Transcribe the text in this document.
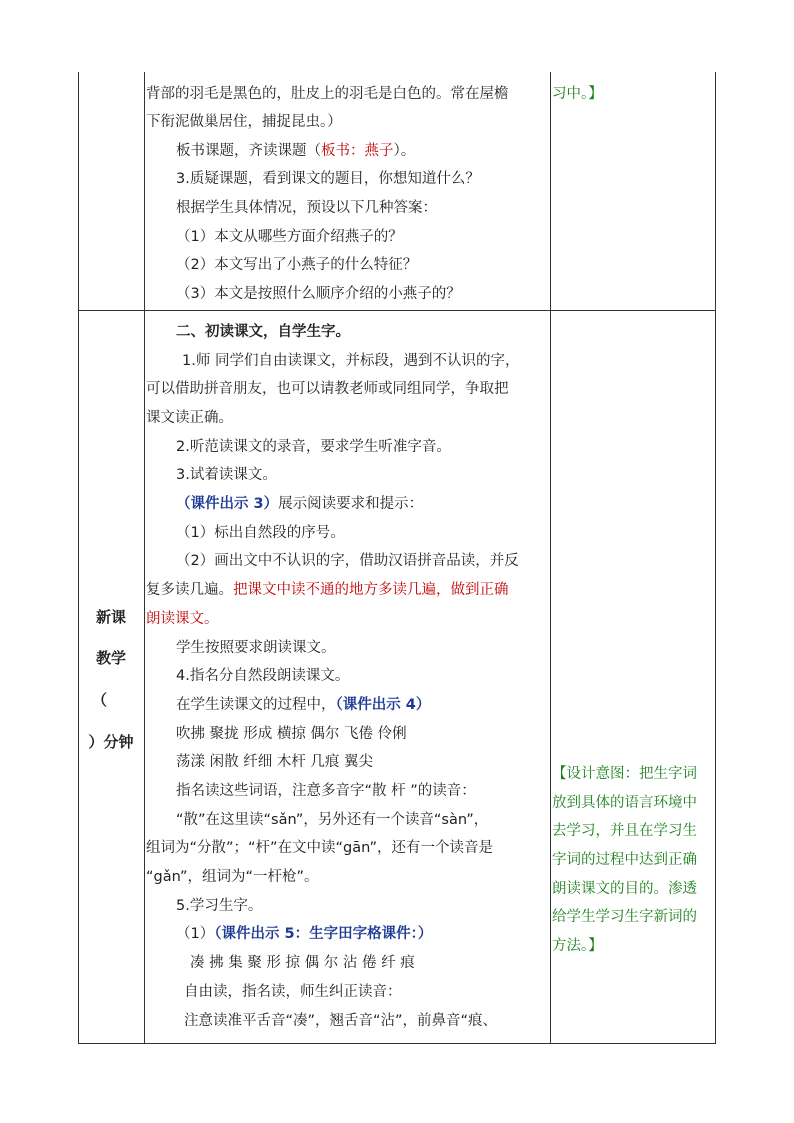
习中。】
背部的羽毛是黑色的，肚皮上的羽毛是白色的。常在屋檐
下衔泥做巢居住，捕捉昆虫。）
板书课题，齐读课题（板书：燕子）。
3.质疑课题，看到课文的题目，你想知道什么？
根据学生具体情况，预设以下几种答案：
（1）本文从哪些方面介绍燕子的？
（2）本文写出了小燕子的什么特征？
（3）本文是按照什么顺序介绍的小燕子的？
新课
教学
（
）分钟
二、初读课文，自学生字。
1.师 同学们自由读课文，并标段，遇到不认识的字，
可以借助拼音朋友，也可以请教老师或同组同学，争取把
课文读正确。
2.听范读课文的录音，要求学生听准字音。
3.试着读课文。
（课件出示 3）展示阅读要求和提示：
（1）标出自然段的序号。
（2）画出文中不认识的字，借助汉语拼音品读，并反
复多读几遍。把课文中读不通的地方多读几遍，做到正确
朗读课文。
学生按照要求朗读课文。
4.指名分自然段朗读课文。
在学生读课文的过程中，（课件出示 4）
吹拂 聚拢 形成 横掠 偶尔 飞倦 伶俐
荡漾 闲散 纤细 木杆 几痕 翼尖
指名读这些词语，注意多音字“散 杆 ”的读音：
“散”在这里读“sǎn”，另外还有一个读音“sàn”，
组词为“分散”；“杆”在文中读“gān”，还有一个读音是
“gǎn”，组词为“一杆枪”。
5.学习生字。
（1）（课件出示 5：生字田字格课件：）
凑 拂 集 聚 形 掠 偶 尔 沾 倦 纤 痕
自由读，指名读，师生纠正读音：
注意读准平舌音“凑”，翘舌音“沾”，前鼻音“痕、
【设计意图：把生字词
放到具体的语言环境中
去学习，并且在学习生
字词的过程中达到正确
朗读课文的目的。渗透
给学生学习生字新词的
方法。】
